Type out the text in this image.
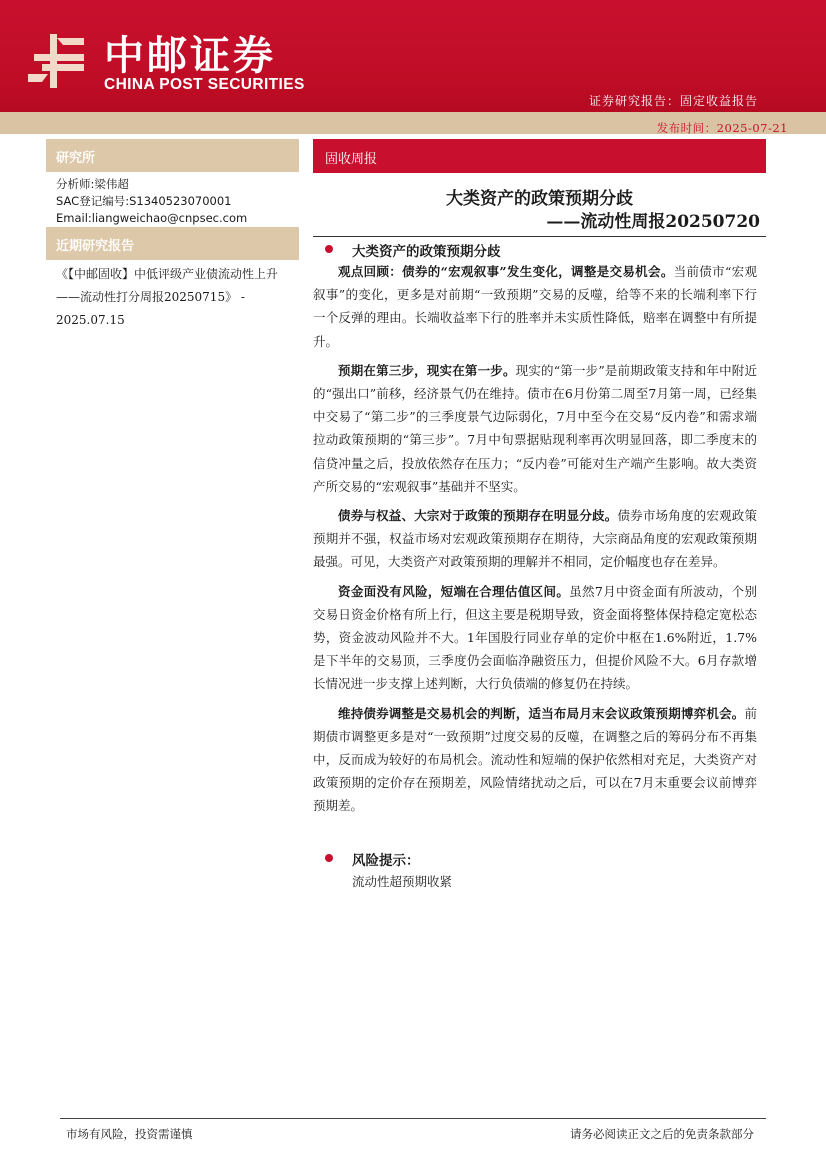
中邮证券
CHINA POST SECURITIES
证券研究报告：固定收益报告
发布时间：2025-07-21
研究所
分析师:梁伟超
SAC登记编号:S1340523070001
Email:liangweichao@cnpsec.com
近期研究报告
《【中邮固收】中低评级产业债流动性上升——流动性打分周报20250715》 - 2025.07.15
固收周报
大类资产的政策预期分歧
——流动性周报20250720
大类资产的政策预期分歧

观点回顾：债券的“宏观叙事”发生变化，调整是交易机会。当前债市“宏观叙事”的变化，更多是对前期“一致预期”交易的反噬，给等不来的长端利率下行一个反弹的理由。长端收益率下行的胜率并未实质性降低，赔率在调整中有所提升。

预期在第三步，现实在第一步。现实的“第一步”是前期政策支持和年中附近的“强出口”前移，经济景气仍在维持。债市在6月份第二周至7月第一周，已经集中交易了“第二步”的三季度景气边际弱化，7月中至今在交易“反内卷”和需求端拉动政策预期的“第三步”。7月中旬票据贴现利率再次明显回落，即二季度末的信贷冲量之后，投放依然存在压力；“反内卷”可能对生产端产生影响。故大类资产所交易的“宏观叙事”基础并不坚实。

债券与权益、大宗对于政策的预期存在明显分歧。债券市场角度的宏观政策预期并不强，权益市场对宏观政策预期存在期待，大宗商品角度的宏观政策预期最强。可见，大类资产对政策预期的理解并不相同，定价幅度也存在差异。

资金面没有风险，短端在合理估值区间。虽然7月中资金面有所波动，个别交易日资金价格有所上行，但这主要是税期导致，资金面将整体保持稳定宽松态势，资金波动风险并不大。1年国股行同业存单的定价中枢在1.6%附近，1.7%是下半年的交易顶，三季度仍会面临净融资压力，但提价风险不大。6月存款增长情况进一步支撑上述判断，大行负债端的修复仍在持续。

维持债券调整是交易机会的判断，适当布局月末会议政策预期博弈机会。前期债市调整更多是对“一致预期”过度交易的反噬，在调整之后的筹码分布不再集中，反而成为较好的布局机会。流动性和短端的保护依然相对充足，大类资产对政策预期的定价存在预期差，风险情绪扰动之后，可以在7月末重要会议前博弈预期差。

风险提示：
流动性超预期收紧
市场有风险，投资需谨慎	请务必阅读正文之后的免责条款部分
